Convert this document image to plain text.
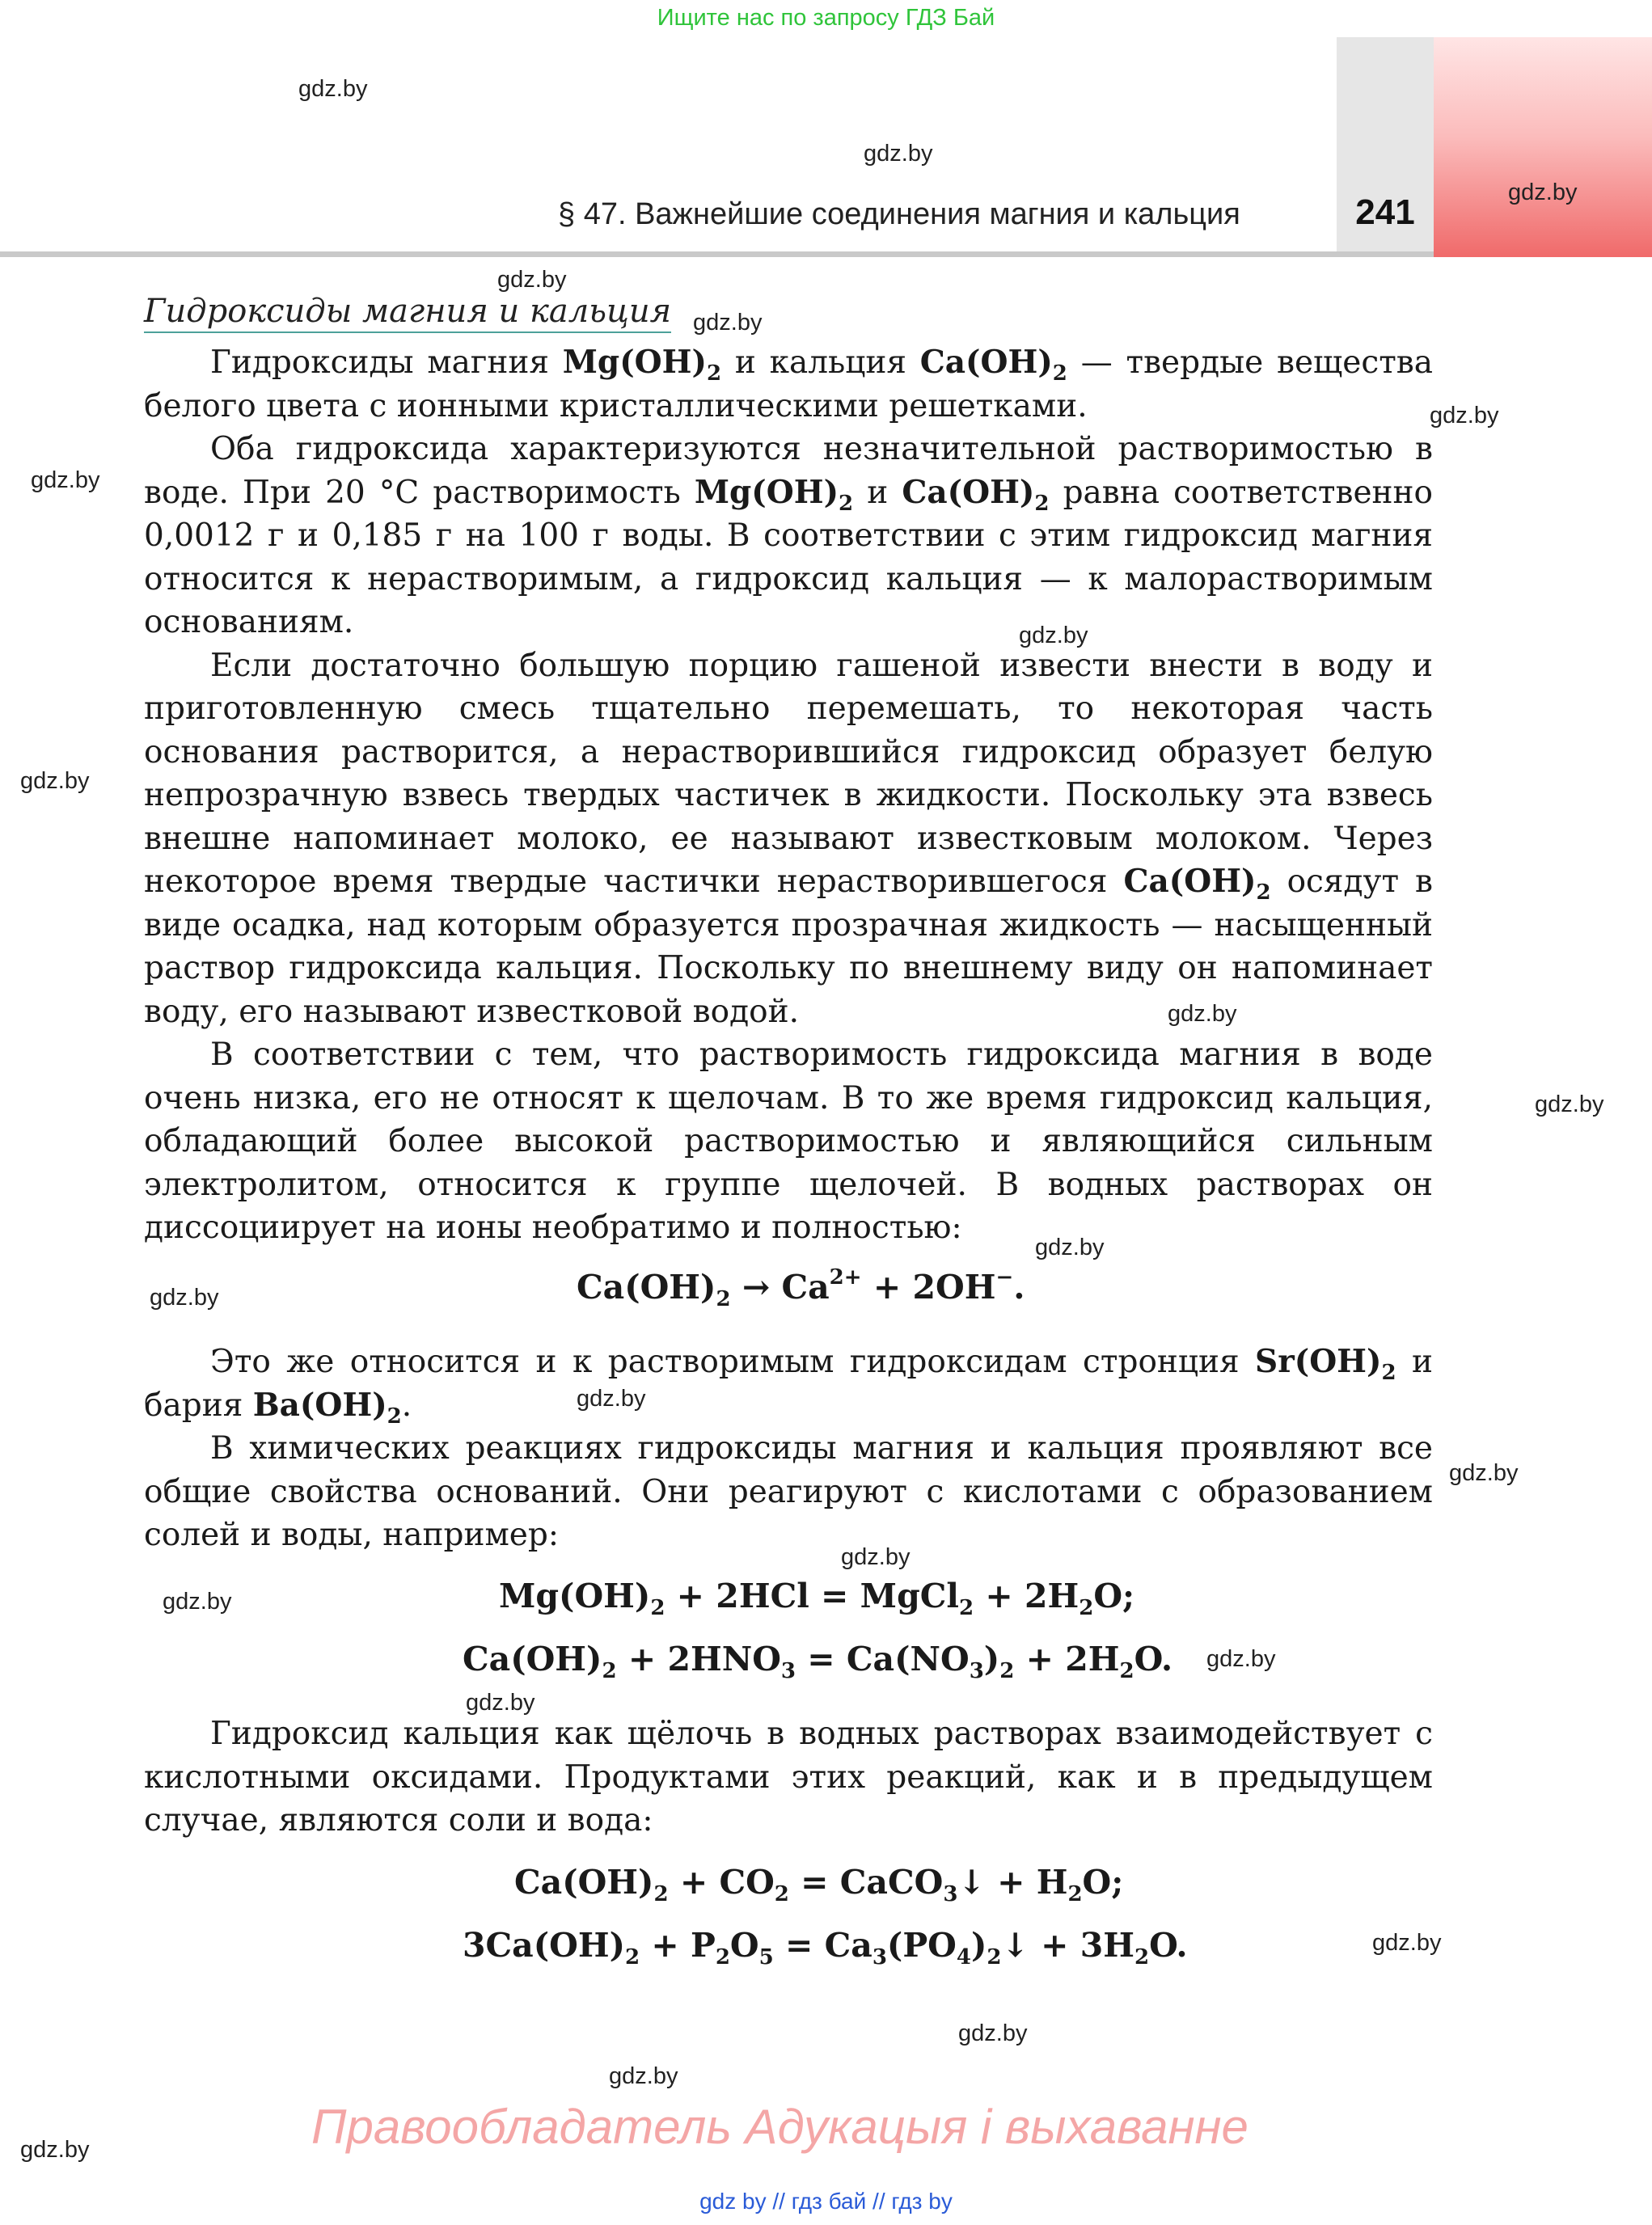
Ищите нас по запросу ГДЗ Бай
§ 47. Важнейшие соединения магния и кальция	241
Гидроксиды магния и кальция

Гидроксиды магния $Mg(OH)_2$ и кальция $Ca(OH)_2$ — твердые вещества белого цвета с ионными кристаллическими решетками.

Оба гидроксида характеризуются незначительной растворимостью в воде. При 20 °С растворимость $Mg(OH)_2$ и $Ca(OH)_2$ равна соответственно 0,0012 г и 0,185 г на 100 г воды. В соответствии с этим гидроксид магния относится к нерастворимым, а гидроксид кальция — к малорастворимым основаниям.

Если достаточно большую порцию гашеной извести внести в воду и приготовленную смесь тщательно перемешать, то некоторая часть основания растворится, а нерастворившийся гидроксид образует белую непрозрачную взвесь твердых частичек в жидкости. Поскольку эта взвесь внешне напоминает молоко, ее называют известковым молоком. Через некоторое время твердые частички нерастворившегося $Ca(OH)_2$ осядут в виде осадка, над которым образуется прозрачная жидкость — насыщенный раствор гидроксида кальция. Поскольку по внешнему виду он напоминает воду, его называют известковой водой.

В соответствии с тем, что растворимость гидроксида магния в воде очень низка, его не относят к щелочам. В то же время гидроксид кальция, обладающий более высокой растворимостью и являющийся сильным электролитом, относится к группе щелочей. В водных растворах он диссоциирует на ионы необратимо и полностью:

$Ca(OH)_2 \to Ca^{2+} + 2OH^-$.

Это же относится и к растворимым гидроксидам стронция $Sr(OH)_2$ и бария $Ba(OH)_2$.

В химических реакциях гидроксиды магния и кальция проявляют все общие свойства оснований. Они реагируют с кислотами с образованием солей и воды, например:

$Mg(OH)_2 + 2HCl$ = MgCl$_2$ + $2H_2O$;
$Ca(OH)_2 + 2HNO_3 = Ca(NO_3)_2 + 2H_2O$.

Гидроксид кальция как щёлочь в водных растворах взаимодействует с кислотными оксидами. Продуктами этих реакций, как и в предыдущем случае, являются соли и вода:

$Ca(OH)_2 + CO_2$ = CaCO$_3$↓ + $H_2O$;
$3Ca(OH)_2 + P_2O_5$ = $Ca_3(PO_4)_2↓ + 3H_2O$.
gdz.by
gdz.by
gdz.by
gdz.by
gdz.by
gdz.by
gdz.by
gdz.by
gdz.by
gdz.by
gdz.by
gdz.by
gdz.by
gdz.by
gdz.by
gdz.by
gdz.by
gdz.by
gdz.by
gdz.by
gdz.by
gdz.by
gdz.by	Правообладатель Адукацыя і выхаванне
gdz by // гдз бай // гдз by
